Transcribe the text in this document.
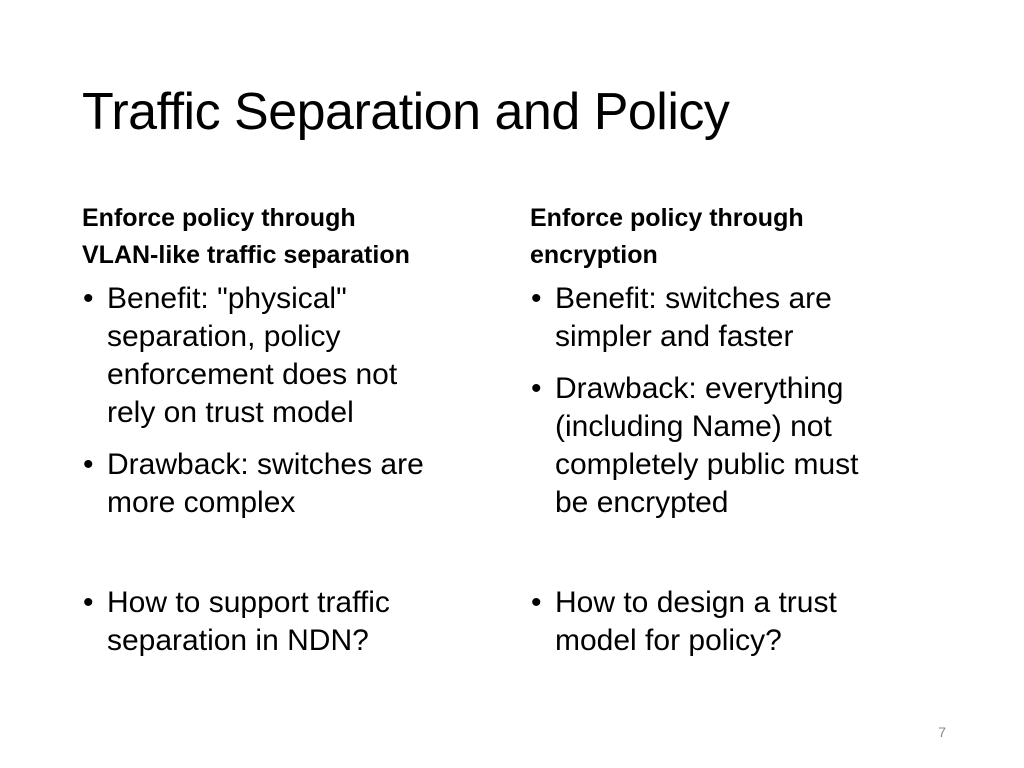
Traffic Separation and Policy
Enforce policy through
VLAN-like traffic separation
• Benefit: "physical"
separation, policy
enforcement does not
rely on trust model
• Drawback: switches are
more complex
• How to support traffic
separation in NDN?
Enforce policy through
encryption
• Benefit: switches are
simpler and faster
• Drawback: everything
(including Name) not
completely public must
be encrypted
• How to design a trust
model for policy?
7
